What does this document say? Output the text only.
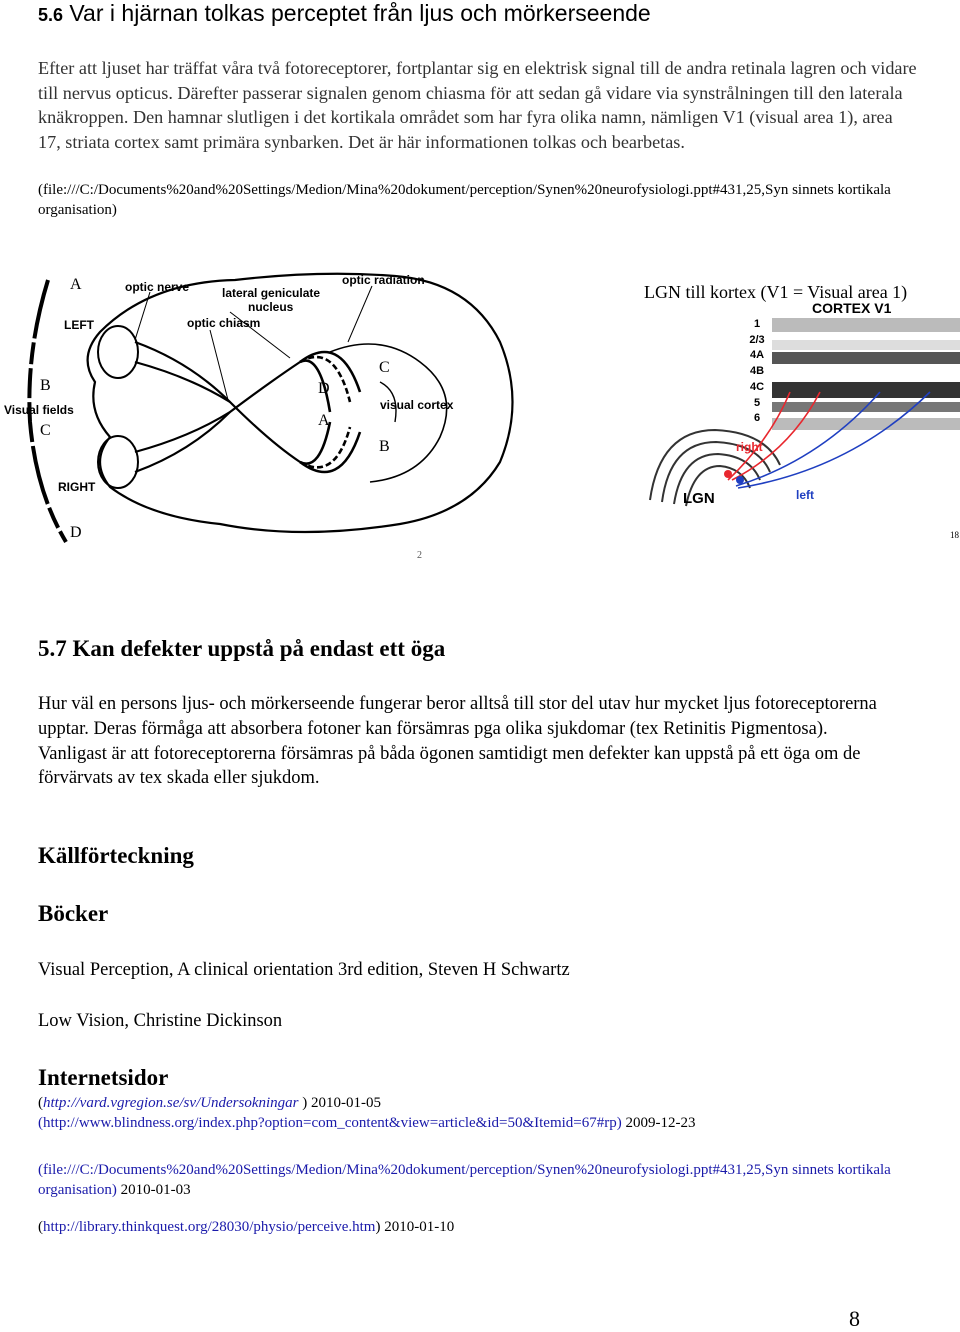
5.6 Var i hjärnan tolkas perceptet från ljus och mörkerseende
Efter att ljuset har träffat våra två fotoreceptorer, fortplantar sig en elektrisk signal till de andra retinala lagren och vidare till nervus opticus. Därefter passerar signalen genom chiasma för att sedan gå vidare via synstrålningen till den laterala knäkroppen. Den hamnar slutligen i det kortikala området som har fyra olika namn, nämligen V1 (visual area 1), area 17, striata cortex samt primära synbarken. Det är här informationen tolkas och bearbetas.
(file:///C:/Documents%20and%20Settings/Medion/Mina%20dokument/perception/Synen%20neurofysiologi.ppt#431,25,Syn sinnets kortikala organisation)
A	optic nerve	lateral geniculate
nucleus
optic radiation
LEFT	optic chiasm
B
Visual fields
C
RIGHT
D
C
D
visual cortex
A
B
2
LGN till kortex (V1 = Visual area 1)
CORTEX V1
1
2/3
4A
4B
4C
5
6
right
LGN	left
18
5.7 Kan defekter uppstå på endast ett öga
Hur väl en persons ljus- och mörkerseende fungerar beror alltså till stor del utav hur mycket ljus fotoreceptorerna upptar. Deras förmåga att absorbera fotoner kan försämras pga olika sjukdomar (tex Retinitis Pigmentosa).
Vanligast är att fotoreceptorerna försämras på båda ögonen samtidigt men defekter kan uppstå på ett öga om de förvärvats av tex skada eller sjukdom.
Källförteckning
Böcker
Visual Perception, A clinical orientation 3rd edition, Steven H Schwartz
Low Vision, Christine Dickinson
Internetsidor
(http://vard.vgregion.se/sv/Undersokningar ) 2010-01-05
(http://www.blindness.org/index.php?option=com_content&view=article&id=50&Itemid=67#rp) 2009-12-23
(file:///C:/Documents%20and%20Settings/Medion/Mina%20dokument/perception/Synen%20neurofysiologi.ppt#431,25,Syn sinnets kortikala organisation) 2010-01-03
(http://library.thinkquest.org/28030/physio/perceive.htm) 2010-01-10
8
